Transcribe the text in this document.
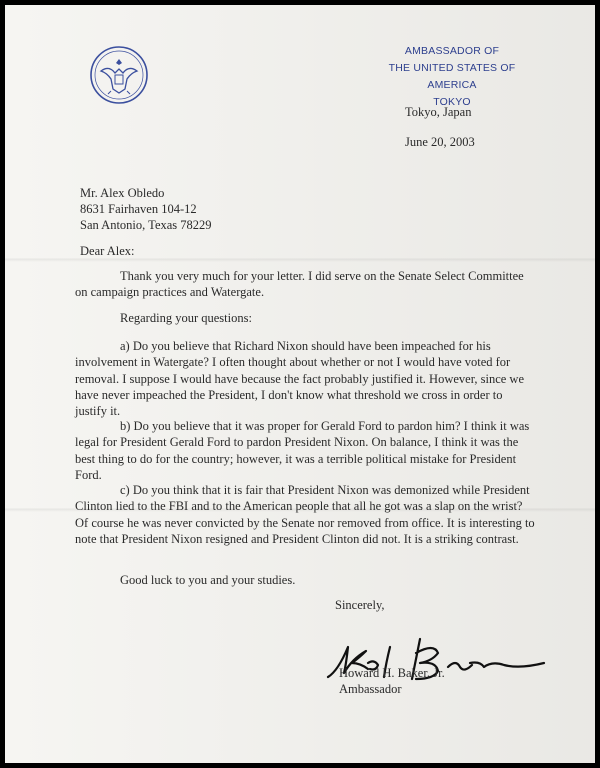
AMBASSADOR OF
THE UNITED STATES OF AMERICA
TOKYO
Tokyo, Japan
June 20, 2003
Mr. Alex Obledo
8631 Fairhaven 104-12
San Antonio, Texas 78229
Dear Alex:

Thank you very much for your letter. I did serve on the Senate Select Committee on campaign practices and Watergate.

Regarding your questions:

a) Do you believe that Richard Nixon should have been impeached for his involvement in Watergate? I often thought about whether or not I would have voted for removal. I suppose I would have because the fact probably justified it. However, since we have never impeached the President, I don't know what threshold we cross in order to justify it.

b) Do you believe that it was proper for Gerald Ford to pardon him? I think it was legal for President Gerald Ford to pardon President Nixon. On balance, I think it was the best thing to do for the country; however, it was a terrible political mistake for President Ford.

c) Do you think that it is fair that President Nixon was demonized while President Clinton lied to the FBI and to the American people that all he got was a slap on the wrist? Of course he was never convicted by the Senate nor removed from office. It is interesting to note that President Nixon resigned and President Clinton did not. It is a striking contrast.

Good luck to you and your studies.

Sincerely,
Howard H. Baker, Jr.
Ambassador
